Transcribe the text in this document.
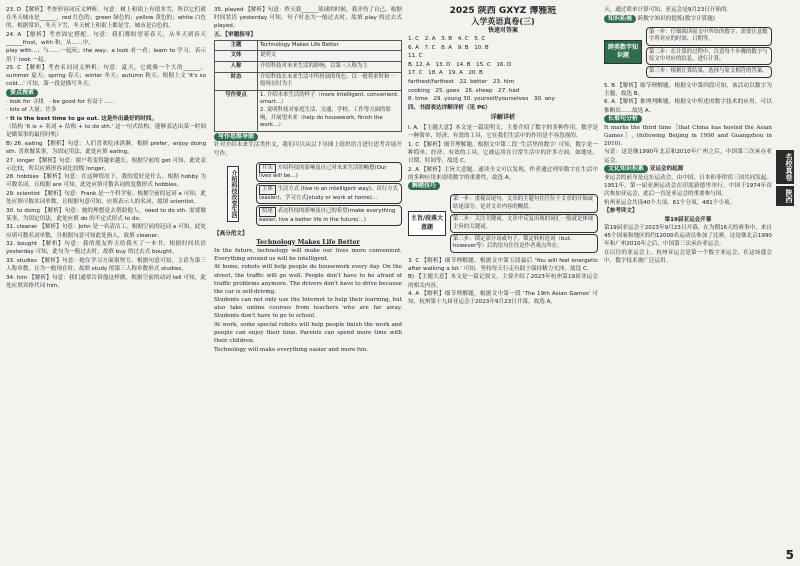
23. D 【解析】考查形容词反义辨析。句意：树上和街上有很多雪，所以它们就在冬天城市是______，red 红色的；green 绿色的；yellow 黄色的；white 白色的。根据常识，冬天下雪，冬天树上和街上都是雪，城市是白色的。
24. A 【解析】考查固定搭配。句意：我们都盼望着春天，从冬天到春天______frost，with 和，从……中。
play with…；与……一起玩；the way；a look 看一看；learn to 学习，表示用于 look 一起。
25. C 【解析】考查名词词义辨析。句意：夏天，它就像一个大的______，summer 夏天；spring 春天；winter 冬天；autumn 秋天。根据上文 'It's so cold…' 可知，第一段是描写冬天。
要点搜索
· look for 寻找　· be good for 有益于……
· lots of 大量；许多
· It is the best time to go out. 这是外出最好的时间。
（结构 'It is + 名词 + 结构 + to do sth.' 这一句式结构，能够表达出某一时间是做某事的最佳时机）
B) 26. eating 【解析】句意：人们喜欢吃冰淇淋。根据 prefer，enjoy doing sth. 喜欢做某事，为固定用法，此处应填 eating。
27. longer 【解析】句意：窗户将变得越来越长。根据空前的 get 可知，此处表示比较，所以应填形容词比较级 longer。
28. hobbies 【解析】句意：在这种情况下，我的爱好是什么。根据 hobby 为可数名词，且根据 are 可知，此处应填可数名词的复数形式 hobbies。
29. scientist 【解析】句意：Frank 是一个科学家。根据空前的冠词 a 可知，此处应填可数名词单数，且根据句意可知，应填表示人的名词，故填 scientist。
30. to doing 【解析】句意：她的理想是去帮助他人。need to do sth. 需要做某事，为固定用法，此处应填 do 的不定式形式 to do。
31. cleaner 【解析】句意：John 是一名清洁工。根据空前的冠词 a 可知，此处应填可数名词单数，且根据句意可知此处指人，故填 cleaner。
32. bought 【解析】句意：我的朋友昨天给我买了一本书。根据时间状语 yesterday 可知，此句为一般过去时，故填 buy 的过去式 bought。
33. studies 【解析】句意：她在学习方面很努力。根据句意可知，主语为第三人称单数，且为一般现在时，故填 study 的第三人称单数形式 studies。
34. him 【解析】句意：我们通常告诉他这样做。根据空前的动词 tell 可知，此处应填宾格代词 him。
35. played 【解析】句意：昨天我______篮球的时候，我弄伤了自己。根据时间状语 yesterday 可知，句子时态为一般过去时，故填 play 的过去式 played。
五、【审题指导】
主题	Technology Makes Life Better
文体	说明文
人称	介绍科技对未来生活的影响，以第三人称为主
时态	介绍科技在未来生活中所扮演的角色，以一般将来时和一般现在时为主
写作要点	1. 介绍未来生活的样子（more intelligent, convenient, smart…）
2. 说明科技对家庭生活、交通、学校、工作等方面的影响，并展望未来（help do housework, finish the work…）
写作思维导图
针对介绍未来生活类作文，我们可以从以下导图上组织语言进行思考并展开写作。
介绍科技改变生活
开头 介绍科技的影响及自己对未来生活的畅想(Our lives will be…)
主体 生活方式 (live in an intelligent way)、出行方式(easier)、学习方式(study or work at home)…
结尾 表达科技的影响及自己的希望(make everything easier, live a better life in the future/…)
【高分范文】
Technology Makes Life Better
In the future, technology will make our lives more convenient. Everything around us will be intelligent.
At home, robots will help people do housework every day. On the street, the traffic will go well. People don't have to be afraid of traffic problems anymore. The drivers don't have to drive because the car is self-driving.
Students can not only use the Internet to help their learning, but also take online courses from teachers who are far away. Students don't have to go to school.
At work, some special robots will help people finish the work and people can enjoy their time. Parents can spend more time with their children.
Technology will make everything easier and more fun.
2025 陕西 GXYZ 博雅班
入学英语真卷(三)
快速对答案
1. C　2. A　3. B　4. C　5. C
6. A　7. C　8. A　9. B　10. B
11. C
B. 12. A　13. D　14. B　15. C　16. D
17. C　18. A　19. A　20. B
farthest/farthest　22. better　23. him
cooking　25. goes　26. sheep　27. had
8. time　29. young 30. yourself/yourselves　30. any
四、书面表达详解详析（见 P6）
详解详析
I. A. 【主题大意】本文是一篇说明文，主要介绍了数字的多种作用。数学是一种简单、经济、有效的工具，它在我们生活中的作用是不容忽视的。
1. C 【解析】细节理解题。根据文中第二段 '生活里的数字' 可知，数字是一种简单、经济、有效的工具，它被运用在日常生活中的许多方面，如地址、日期、时间等，故选 C。
2. A 【解析】主旨大意题。通读全文可以发现，作者通过列举数字在生活中的多种应用来说明数字的重要性，故选 A。
解题技巧
主旨/段落大意题
第一步：重视首尾句。文章的主题句往往位于文章的开始或结尾部分，是对文章内容的概括。
第二步：关注关键词。文章中反复出现的词汇一般就是体现主旨的关键词。
第三步：锁定部分词或句子，锁定转折连词（but, however等）后的语句往往是作者观点所在。
3. C 【解析】细节理解题。根据文中第五段最后 'You will feel energetic after walking a lot.' 可知，坚持每天行走有助于保持精力充沛，故选 C。
B) 【主题大意】本文是一篇记叙文，主要介绍了2023年杭州第19届亚运会的相关内容。
4. A 【解析】细节理解题。根据文中第一段 'The 19th Asian Games' 可知，杭州第十九届亚运会于2023年9月23日开幕，故选 A。
天，通过简单计算可知，亚运会是9月23日开始的。
知识拓展 跨数字知识的提炼(数字计算题)
跨类数字知识题
第一步：仔细阅读原文中所给的数字，需要注意数字所对应的时间、日期等。
第二步：在计算的过程中，注意每个步骤的数字与原文中对应的信息，进行计算。
第三步：根据计算结果，选择与原文相符的答案。
5. B 【解析】细节理解题。根据文中第四段可知，该活动以数字为主题，故选 B。
6. A 【解析】推理判断题。根据文中所述的数字技术的应用，可以推断出……故选 A。
长难句分析
It marks the third time［that China has hosted the Asian Games］, (following Beijing in 1990 and Guangzhou in 2010).
句意：这是继1990年北京和2010年广州之后，中国第三次承办亚运会。
文化知识积累 亚运会的起源
亚运会的前身是远东运动会，由中国、日本和菲律宾三国共同发起。1951年，第一届亚洲运动会在印度新德里举行。中国于1974年首次参加亚运会，此后一直是亚运会的重要参与国。
杭州亚运会共设40个大项、61个分项、481个小项。
【参考译文】
第19届亚运会开幕
第19届亚运会于2023年9月23日开幕，在为期16天的赛事中，来自45个国家和地区的约12000名运动员参加了比赛。这是继北京1990年和广州2010年之后，中国第三次承办亚运会。
在以往的亚运会上，杭州亚运会是第一个数字亚运会，在这场盛会中，数字技术被广泛运用。
名校真卷
陕西
5
